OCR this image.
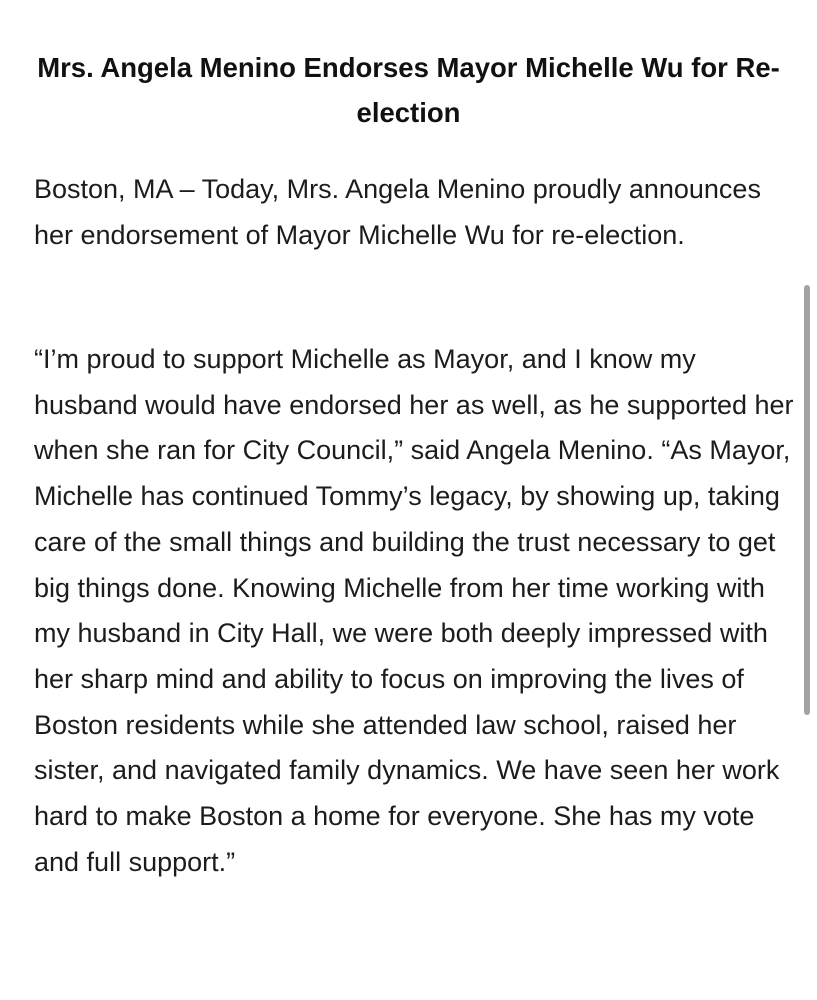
Mrs. Angela Menino Endorses Mayor Michelle Wu for Re-election

Boston, MA – Today, Mrs. Angela Menino proudly announces her endorsement of Mayor Michelle Wu for re-election.

“I’m proud to support Michelle as Mayor, and I know my husband would have endorsed her as well, as he supported her when she ran for City Council,” said Angela Menino. “As Mayor, Michelle has continued Tommy’s legacy, by showing up, taking care of the small things and building the trust necessary to get big things done. Knowing Michelle from her time working with my husband in City Hall, we were both deeply impressed with her sharp mind and ability to focus on improving the lives of Boston residents while she attended law school, raised her sister, and navigated family dynamics. We have seen her work hard to make Boston a home for everyone. She has my vote and full support.”
